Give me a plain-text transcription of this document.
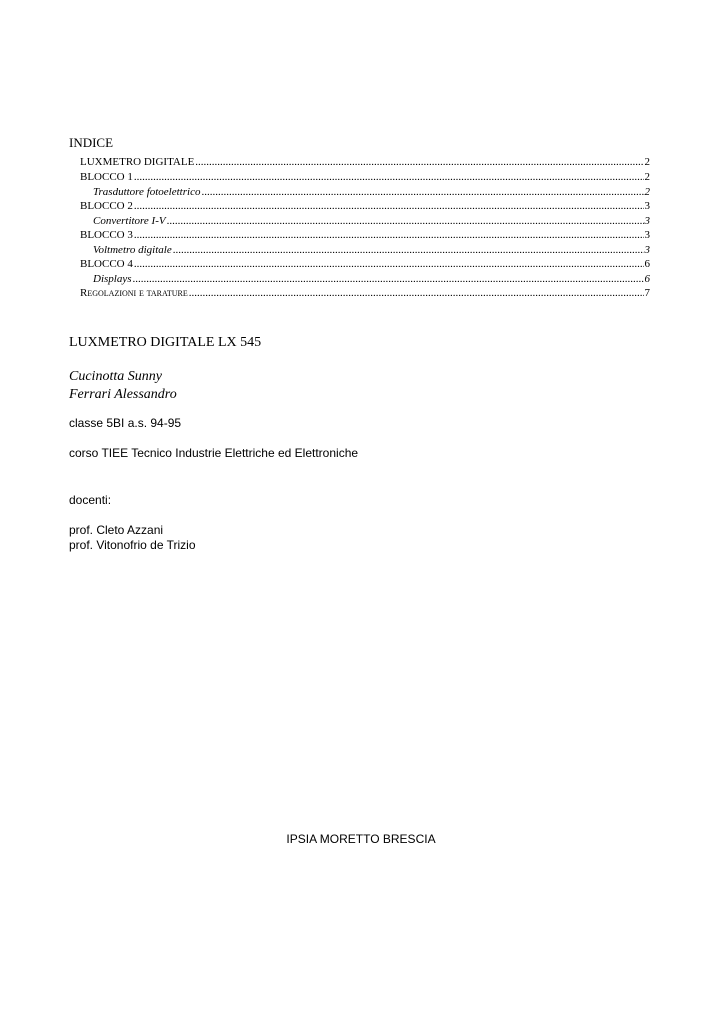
INDICE
LUXMETRO DIGITALE .....	2
BLOCCO 1 .....	2
Trasduttore fotoelettrico .....	2
BLOCCO 2 .....	3
Convertitore I-V .....	3
BLOCCO 3 .....	3
Voltmetro digitale .....	3
BLOCCO 4 .....	6
Displays .....	6
Regolazioni e tarature .....	7
LUXMETRO DIGITALE LX 545
Cucinotta Sunny
Ferrari Alessandro
classe 5BI a.s. 94-95
corso TIEE Tecnico Industrie Elettriche ed Elettroniche
docenti:
prof. Cleto Azzani
prof. Vitonofrio de Trizio
IPSIA MORETTO BRESCIA
